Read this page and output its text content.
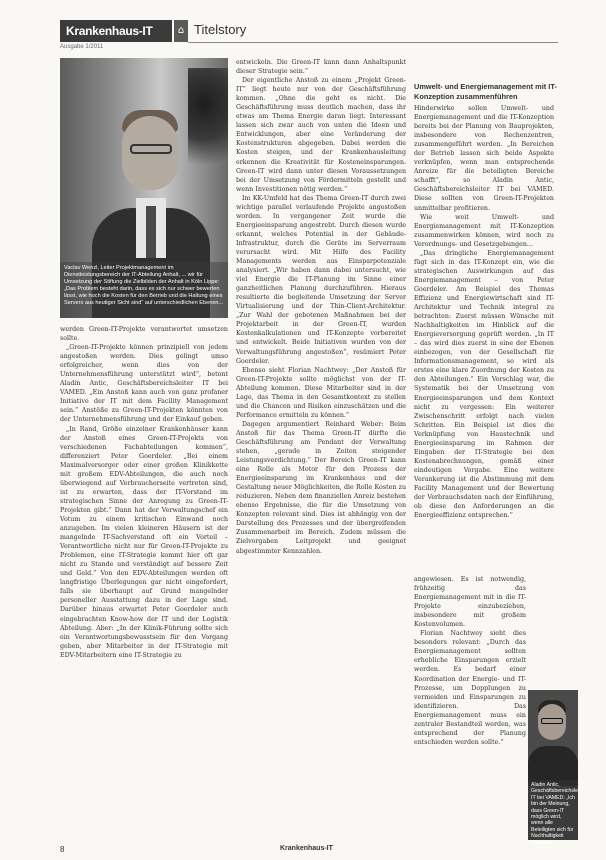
Krankenhaus-IT	⌂ Titelstory
Ausgabe 1/2011
Vaclav Wenzl, Leiter Projektmanagement im Dienstleistungsbereich der IT-Abteilung Anhalt, ... wir für Umsetzung der Stiftung die Zielbilden der Anhalt in Köln Lippe: „Das Problem besteht darin, dass es sich nur schwer bewerten lässt, wie hoch die Kosten für den Betrieb und die Haltung eines Servers aus heutiger Sicht sind“ auf unterschiedlichen Ebenen...

werden Green-IT-Projekte verantwortet umsetzen sollte.

„Green-IT-Projekte können prinzipiell von jedem angestoßen werden. Dies gelingt umso erfolgreicher, wenn dies von der Unternehmensführung unterstützt wird“, betont Aladin Antic, Geschäftsbereichsleiter IT bei VAMED. „Ein Anstoß kann auch von ganz profaner Initiative der IT mit dem Facility Management sein.“ Anstöße zu Green-IT-Projekten könnten von der Unternehmensführung und der Einkauf geben.

„In Rand, Größe einzelner Krankenhäuser kann der Anstoß eines Green-IT-Projekts von verschiedenen Fachabteilungen kommen“, differenziert Peter Goerdeler. „Bei einem Maximalversorger oder einer großen Klinikkette mit großem EDV-Abteilungen, die auch noch überwiegend auf Verbraucherseite vertreten sind, ist zu erwarten, dass der IT-Vorstand im strategischen Sinne der Anregung zu Green-IT-Projekten gibt.“ Dann hat der Verwaltungschef ein Votum zu einem kritischen Einwand noch anzugeben. Im vielen kleineren Häusern ist der mangelnde IT-Sachverstand oft ein Vorteil – Verantwortliche nicht nur für Green-IT-Projekte zu Problemen, eine IT-Strategie kommt hier oft gar nicht zu Stande und verständigt auf bessere Zeit und Geld.“ Von den EDV-Abteilungen werden oft langfristige Überlegungen gar nicht eingefordert, falls sie überhaupt auf Grund mangelnder personeller Ausstattung dazu in der Lage sind. Darüber hinaus erwartet Peter Goerdeler auch eingebrachten Know-how der IT und der Logistik Abteilung. Aber: „In der Klinik-Führung sollte sich ein Verantwortungsbewusstsein für den Vorgang geben, aber Mitarbeiter in der IT-Strategie mit EDV-Mitarbeitern eine IT-Strategie zu

entwickeln. Die Green-IT kann dann Anhaltspunkt dieser Strategie sein.“

Der eigentliche Anstoß zu einem „Projekt Green-IT“ liegt heute nur von der Geschäftsführung kommen. „Ohne die geht es nicht. Die Geschäftsführung muss deutlich machen, dass ihr etwas am Thema Energie daran liegt. Interessant lassen sich zwar auch von unten die Ideen und Entwicklungen, aber eine Veränderung der Kostenstrukturen abgegeben. Dabei werden die Kosten steigen, und der Krankenhausleitung erkennen die Kreativität für Kosteneinsparungen. Green-IT wird dann unter diesen Voraussetzungen bei der Umsetzung von Fördermitteln gestellt und wenn Investitionen nötig werden.“

Im KK-Umfeld hat das Thema Green-IT durch zwei wichtige parallel verlaufende Projekte angestoßen worden. In vergangener Zeit wurde die Energieeinsparung angestrebt. Durch diesen wurde erkannt, welches Potential in der Gebäude-Infrastruktur, durch die Geräte im Serverraum verursacht wird. Mit Hilfe des Facility Managements werden aus Einsparpotenziale analysiert. „Wir haben dann dabei untersucht, wie viel Energie die IT-Planung im Sinne einer ganzheitlichen Planung durchzuführen. Hieraus resultierte die begleitende Umsetzung der Server Virtualisierung und der Thin-Client-Architektur. „Zur Wahl der gebotenen Maßnahmen bei der Projektarbeit in der Green-IT, wurden Kostenkalkulationen und IT-Konzepte vorbereitet und entwickelt. Beide Initiativen wurden von der Verwaltungsführung angestoßen“, resümiert Peter Goerdeler.

Ebenso sieht Florian Nachtwey: „Der Anstoß für Green-IT-Projekte sollte möglichst von der IT-Abteilung kommen. Diese Mitarbeiter sind in der Lage, das Thema in den Gesamtkontext zu stellen und die Chancen und Risiken einzuschätzen und die Performance ermitteln zu können.“

Dagegen argumentiert Reinhard Weber: Beim Anstoß für das Thema Green-IT dürfte die Geschäftsführung am Pendant der Verwaltung stehen, „gerade in Zeiten steigender Leistungsverdichtung.“ Der Bereich Green-IT kann eine Rolle als Motor für den Prozess der Energieeinsparung im Krankenhaus und der Gestaltung neuer Möglichkeiten, die Rolle Kosten zu reduzieren. Neben dem finanziellen Anreiz bestehen ebenso Ergebnisse, die für die Umsetzung von Konzepten relevant sind. Dies ist abhängig von der Darstellung des Prozesses und der übergreifenden Zusammenarbeit im Bereich. Zudem müssen die Zielvorgaben Leitprojekt und geeignet abgestimmter Kennzahlen.

Umwelt- und Energiemanagement mit IT-Konzeption zusammenführen

Hinderwirke sollen Umwelt- und Energiemanagement und die IT-Konzeption bereits bei der Planung von Bauprojekten, insbesondere von Rechenzentren, zusammengeführt werden. „In Bereichen der Betrieb lassen sich beide Aspekte verknüpfen, wenn man entsprechende Anreize für die beteiligten Bereiche schafft“, so Aladin Antic, Geschäftsbereichsleiter IT bei VAMED. Diese sollten von Green-IT-Projekten unmittelbar profitieren.

Wie weit Umwelt- und Energiemanagement mit IT-Konzeption zusammenwirken können, wird noch zu Verordnungs- und Gesetzgebungen...

„Das dringliche Energiemanagement fügt sich in das IT-Konzept ein, wie die strategischen Auswirkungen auf das Energiemanagement – von Peter Goerdeler. Am Beispiel des Themas Effizienz und Energiewirtschaft sind IT-Architektur und Technik integral zu betrachten: Zuerst müssen Wünsche mit Nachhaltigkeiten im Hinblick auf die Energieversorgung geprüft werden. „In IT – das wird dies zuerst in eine der Ebenen einbezogen, von der Gesellschaft für Informationsmanagement, so wird als erstes eine klare Zuordnung der Kosten zu den Abteilungen.“ Ein Vorschlag war, die Systematik bei der Umsetzung von Energieeinsparungen und dem Kontext nicht zu vergessen: Ein weiterer Zwischenschritt erfolgt nach vielen Schritten. Ein Beispiel ist dies die Verknüpfung von Haustechnik und Energieeinsparung im Rahmen der Eingaben der IT-Strategie bei den Kostenabrechnungen, gemäß einer eindeutigen Vorgabe. Eine weitere Verankerung ist die Abstimmung mit dem Facility Management und der Bewertung der Verbrauchsdaten nach der Einführung, ob diese den Anforderungen an die Energieeffizienz entsprechen.“

angewiesen. Es ist notwendig, frühzeitig das Energiemanagement mit in die IT-Projekte einzubeziehen, insbesondere mit großem Kostenvolumen.

Florian Nachtwey sieht dies besonders relevant: „Durch das Energiemanagement sollten erhebliche Einsparungen erzielt werden. Es bedarf einer Koordination der Energie- und IT-Prozesse, um Dopplungen zu vermeiden und Einsparungen zu identifizieren. Das Energiemanagement muss ein zentraler Bestandteil werden, was entsprechend der Planung entschieden werden sollte.“

Aladin Antic, Geschäftsbereichsleiter IT bei VAMED: „Ich bin der Meinung, dass Green-IT möglich wird, wenn alle Beteiligten sich für Nachhaltigkeit einsetzen.“
8	Krankenhaus-IT
